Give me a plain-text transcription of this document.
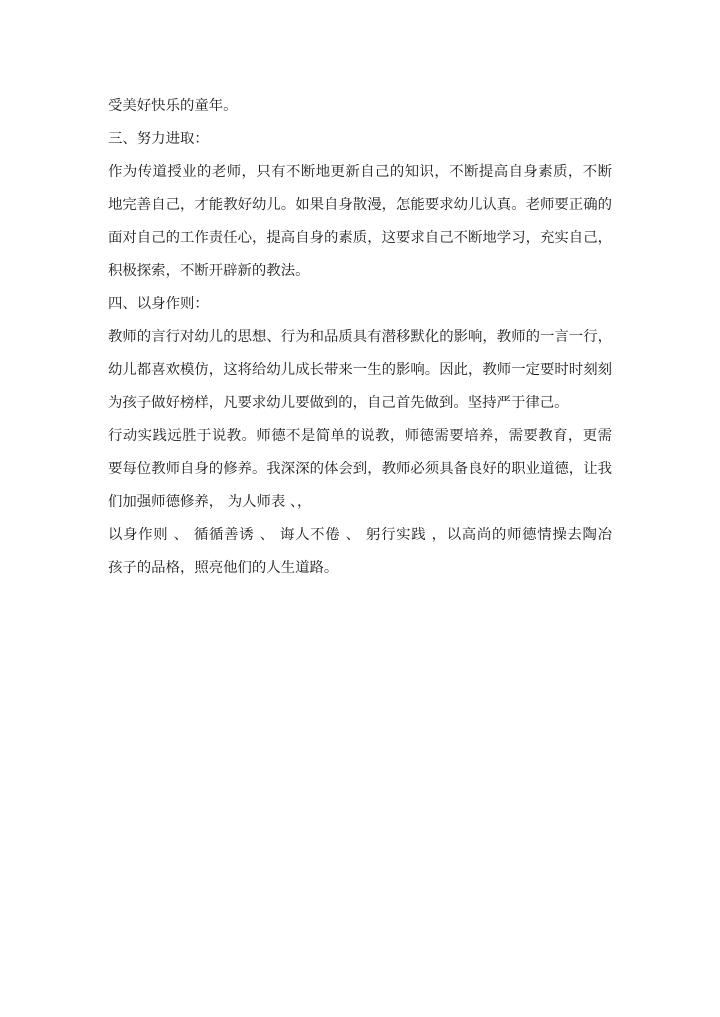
受美好快乐的童年。
三、努力进取：
作为传道授业的老师，只有不断地更新自己的知识，不断提高自身素质，不断
地完善自己，才能教好幼儿。如果自身散漫，怎能要求幼儿认真。老师要正确的
面对自己的工作责任心，提高自身的素质，这要求自己不断地学习，充实自己，
积极探索，不断开辟新的教法。
四、以身作则：
教师的言行对幼儿的思想、行为和品质具有潜移默化的影响，教师的一言一行，
幼儿都喜欢模仿，这将给幼儿成长带来一生的影响。因此，教师一定要时时刻刻
为孩子做好榜样，凡要求幼儿要做到的，自己首先做到。坚持严于律己。
行动实践远胜于说教。师德不是简单的说教，师德需要培养，需要教育，更需
要每位教师自身的修养。我深深的体会到，教师必须具备良好的职业道德，让我
们加强师德修养， 为人师表 、，
以身作则 、 循循善诱 、 诲人不倦 、 躬行实践 ，以高尚的师德情操去陶冶
孩子的品格，照亮他们的人生道路。
